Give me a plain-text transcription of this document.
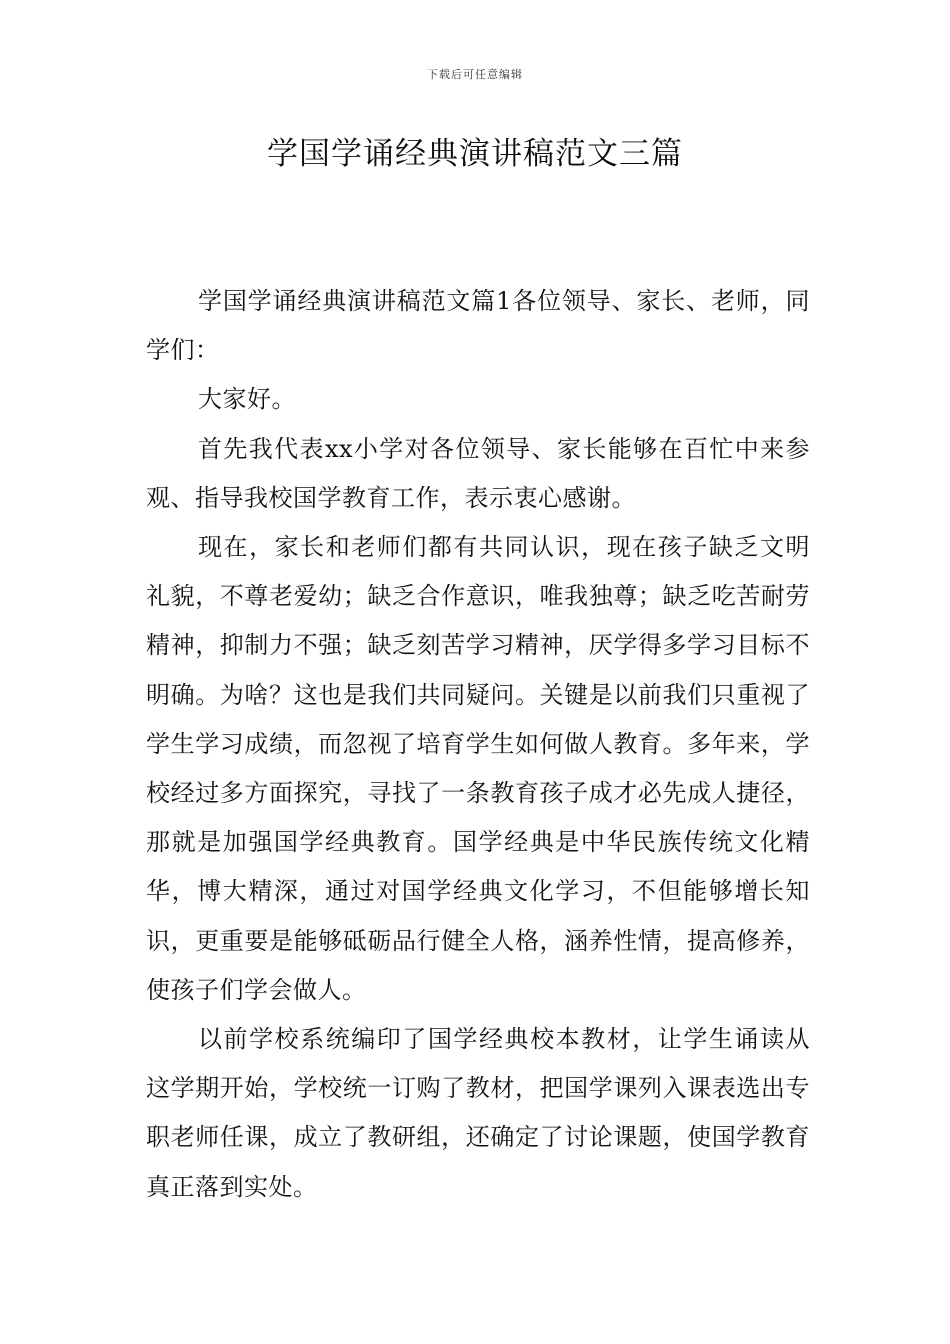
下载后可任意编辑
学国学诵经典演讲稿范文三篇

学国学诵经典演讲稿范文篇1各位领导、家长、老师，同学们：

大家好。

首先我代表xx小学对各位领导、家长能够在百忙中来参观、指导我校国学教育工作，表示衷心感谢。

现在，家长和老师们都有共同认识，现在孩子缺乏文明礼貌，不尊老爱幼；缺乏合作意识，唯我独尊；缺乏吃苦耐劳精神，抑制力不强；缺乏刻苦学习精神，厌学得多学习目标不明确。为啥？这也是我们共同疑问。关键是以前我们只重视了学生学习成绩，而忽视了培育学生如何做人教育。多年来，学校经过多方面探究，寻找了一条教育孩子成才必先成人捷径，那就是加强国学经典教育。国学经典是中华民族传统文化精华，博大精深，通过对国学经典文化学习，不但能够增长知识，更重要是能够砥砺品行健全人格，涵养性情，提高修养，使孩子们学会做人。

以前学校系统编印了国学经典校本教材，让学生诵读从这学期开始，学校统一订购了教材，把国学课列入课表选出专职老师任课，成立了教研组，还确定了讨论课题，使国学教育真正落到实处。
